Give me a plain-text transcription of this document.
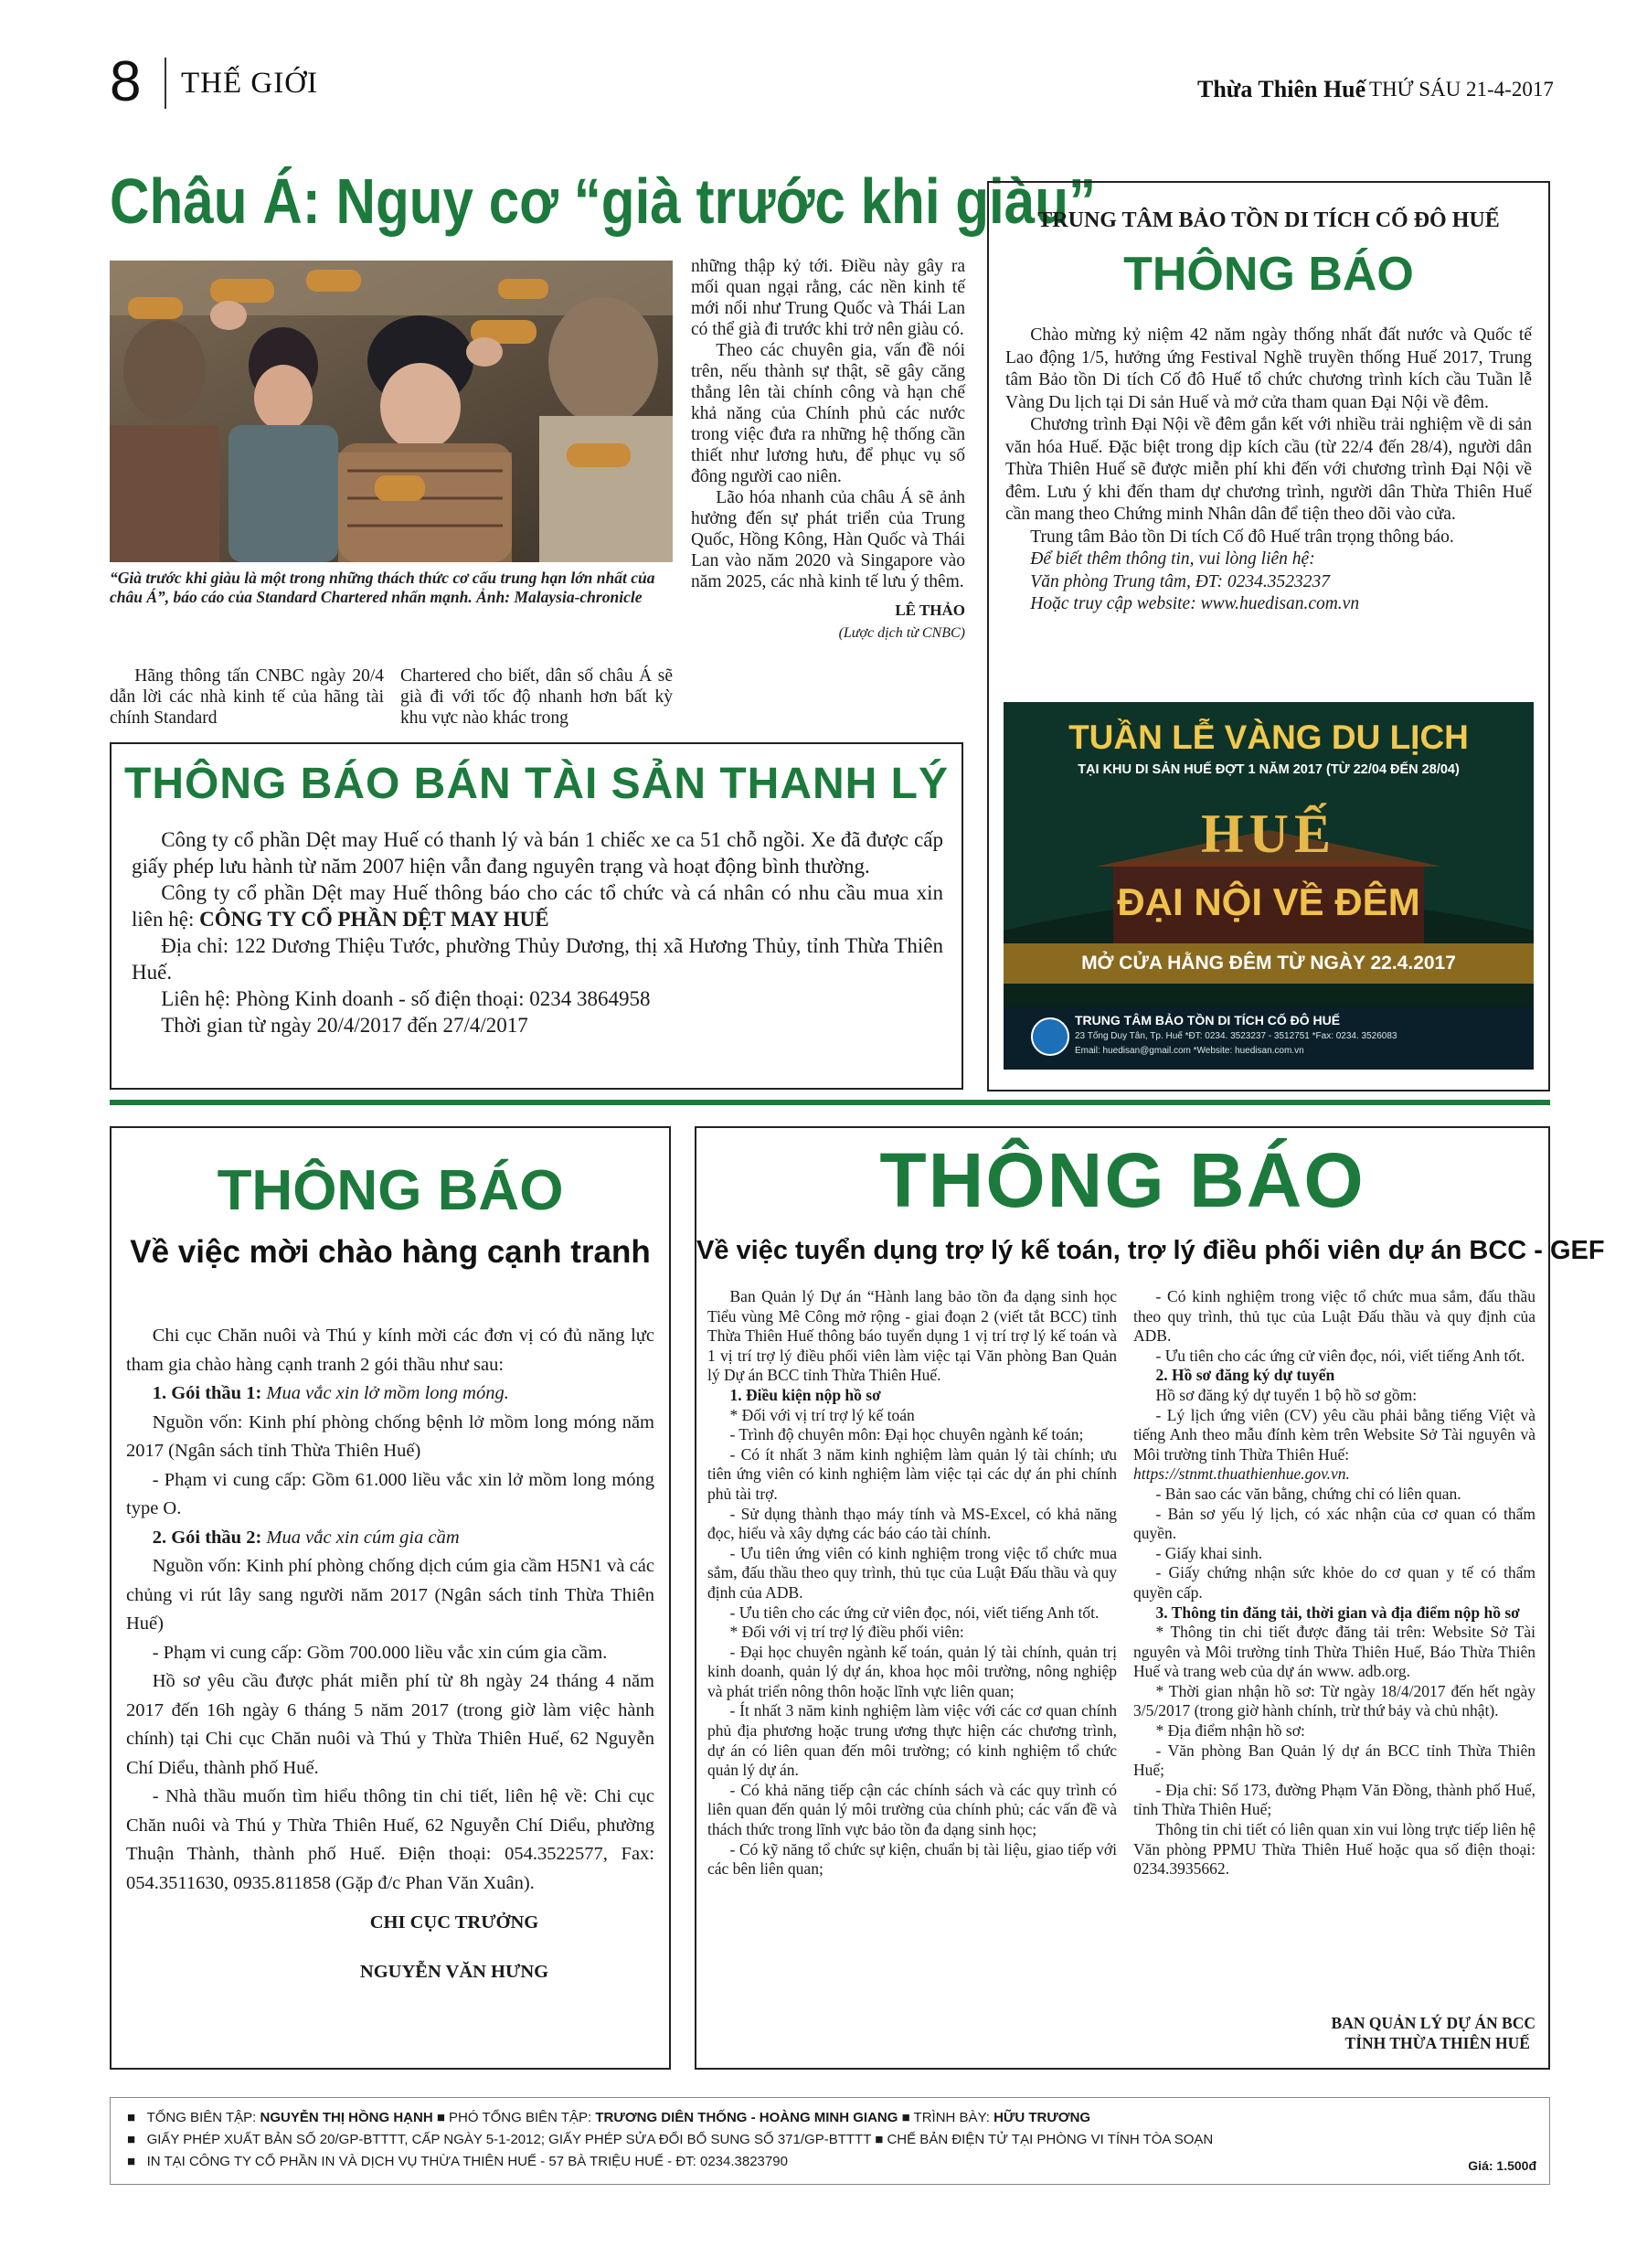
8 THẾ GIỚI	Thừa Thiên Huế THỨ SÁU 21-4-2017
Châu Á: Nguy cơ “già trước khi giàu”

“Già trước khi giàu là một trong những thách thức cơ cấu trung hạn lớn nhất của châu Á”, báo cáo của Standard Chartered nhấn mạnh. Ảnh: Malaysia-chronicle

Hãng thông tấn CNBC ngày 20/4 dẫn lời các nhà kinh tế của hãng tài chính Standard

Chartered cho biết, dân số châu Á sẽ già đi với tốc độ nhanh hơn bất kỳ khu vực nào khác trong

những thập kỷ tới. Điều này gây ra mối quan ngại rằng, các nền kinh tế mới nổi như Trung Quốc và Thái Lan có thể già đi trước khi trở nên giàu có.

Theo các chuyên gia, vấn đề nói trên, nếu thành sự thật, sẽ gây căng thẳng lên tài chính công và hạn chế khả năng của Chính phủ các nước trong việc đưa ra những hệ thống cần thiết như lương hưu, để phục vụ số đông người cao niên.

Lão hóa nhanh của châu Á sẽ ảnh hưởng đến sự phát triển của Trung Quốc, Hồng Kông, Hàn Quốc và Thái Lan vào năm 2020 và Singapore vào năm 2025, các nhà kinh tế lưu ý thêm.

LÊ THẢO

(Lược dịch từ CNBC)

TRUNG TÂM BẢO TỒN DI TÍCH CỐ ĐÔ HUẾ
THÔNG BÁO

Chào mừng kỷ niệm 42 năm ngày thống nhất đất nước và Quốc tế Lao động 1/5, hưởng ứng Festival Nghề truyền thống Huế 2017, Trung tâm Bảo tồn Di tích Cố đô Huế tổ chức chương trình kích cầu Tuần lễ Vàng Du lịch tại Di sản Huế và mở cửa tham quan Đại Nội về đêm.

Chương trình Đại Nội về đêm gắn kết với nhiều trải nghiệm về di sản văn hóa Huế. Đặc biệt trong dịp kích cầu (từ 22/4 đến 28/4), người dân Thừa Thiên Huế sẽ được miễn phí khi đến với chương trình Đại Nội về đêm. Lưu ý khi đến tham dự chương trình, người dân Thừa Thiên Huế cần mang theo Chứng minh Nhân dân để tiện theo dõi vào cửa.

Trung tâm Bảo tồn Di tích Cố đô Huế trân trọng thông báo.

Để biết thêm thông tin, vui lòng liên hệ:

Văn phòng Trung tâm, ĐT: 0234.3523237

Hoặc truy cập website: www.huedisan.com.vn

TUẦN LỄ VÀNG DU LỊCH
TẠI KHU DI SẢN HUẾ ĐỢT 1 NĂM 2017 (TỪ 22/04 ĐẾN 28/04)
HUẾ
ĐẠI NỘI VỀ ĐÊM
MỞ CỬA HẰNG ĐÊM TỪ NGÀY 22.4.2017
TRUNG TÂM BẢO TỒN DI TÍCH CỐ ĐÔ HUẾ
23 Tống Duy Tân, Tp. Huế *ĐT: 0234. 3523237 - 3512751 *Fax: 0234. 3526083
Email: huedisan@gmail.com *Website: huedisan.com.vn
THÔNG BÁO BÁN TÀI SẢN THANH LÝ

Công ty cổ phần Dệt may Huế có thanh lý và bán 1 chiếc xe ca 51 chỗ ngồi. Xe đã được cấp giấy phép lưu hành từ năm 2007 hiện vẫn đang nguyên trạng và hoạt động bình thường.

Công ty cổ phần Dệt may Huế thông báo cho các tổ chức và cá nhân có nhu cầu mua xin liên hệ: CÔNG TY CỔ PHẦN DỆT MAY HUẾ

Địa chỉ: 122 Dương Thiệu Tước, phường Thủy Dương, thị xã Hương Thủy, tỉnh Thừa Thiên Huế.

Liên hệ: Phòng Kinh doanh - số điện thoại: 0234 3864958

Thời gian từ ngày 20/4/2017 đến 27/4/2017

THÔNG BÁO
Về việc mời chào hàng cạnh tranh

Chi cục Chăn nuôi và Thú y kính mời các đơn vị có đủ năng lực tham gia chào hàng cạnh tranh 2 gói thầu như sau:

1. Gói thầu 1: Mua vắc xin lở mồm long móng.

Nguồn vốn: Kinh phí phòng chống bệnh lở mồm long móng năm 2017 (Ngân sách tỉnh Thừa Thiên Huế)

- Phạm vi cung cấp: Gồm 61.000 liều vắc xin lở mồm long móng type O.

2. Gói thầu 2: Mua vắc xin cúm gia cầm

Nguồn vốn: Kinh phí phòng chống dịch cúm gia cầm H5N1 và các chủng vi rút lây sang người năm 2017 (Ngân sách tỉnh Thừa Thiên Huế)

- Phạm vi cung cấp: Gồm 700.000 liều vắc xin cúm gia cầm.

Hồ sơ yêu cầu được phát miễn phí từ 8h ngày 24 tháng 4 năm 2017 đến 16h ngày 6 tháng 5 năm 2017 (trong giờ làm việc hành chính) tại Chi cục Chăn nuôi và Thú y Thừa Thiên Huế, 62 Nguyễn Chí Diểu, thành phố Huế.

- Nhà thầu muốn tìm hiểu thông tin chi tiết, liên hệ về: Chi cục Chăn nuôi và Thú y Thừa Thiên Huế, 62 Nguyễn Chí Diểu, phường Thuận Thành, thành phố Huế. Điện thoại: 054.3522577, Fax: 054.3511630, 0935.811858 (Gặp đ/c Phan Văn Xuân).

CHI CỤC TRƯỞNG

NGUYỄN VĂN HƯNG

THÔNG BÁO
Về việc tuyển dụng trợ lý kế toán, trợ lý điều phối viên dự án BCC - GEF

Ban Quản lý Dự án “Hành lang bảo tồn đa dạng sinh học Tiểu vùng Mê Công mở rộng - giai đoạn 2 (viết tắt BCC) tỉnh Thừa Thiên Huế thông báo tuyển dụng 1 vị trí trợ lý kế toán và 1 vị trí trợ lý điều phối viên làm việc tại Văn phòng Ban Quản lý Dự án BCC tỉnh Thừa Thiên Huế.

1. Điều kiện nộp hồ sơ

* Đối với vị trí trợ lý kế toán

- Trình độ chuyên môn: Đại học chuyên ngành kế toán;

- Có ít nhất 3 năm kinh nghiệm làm quản lý tài chính; ưu tiên ứng viên có kinh nghiệm làm việc tại các dự án phi chính phủ tài trợ.

- Sử dụng thành thạo máy tính và MS-Excel, có khả năng đọc, hiểu và xây dựng các báo cáo tài chính.

- Ưu tiên ứng viên có kinh nghiệm trong việc tổ chức mua sắm, đấu thầu theo quy trình, thủ tục của Luật Đấu thầu và quy định của ADB.

- Ưu tiên cho các ứng cử viên đọc, nói, viết tiếng Anh tốt.

* Đối với vị trí trợ lý điều phối viên:

- Đại học chuyên ngành kế toán, quản lý tài chính, quản trị kinh doanh, quản lý dự án, khoa học môi trường, nông nghiệp và phát triển nông thôn hoặc lĩnh vực liên quan;

- Ít nhất 3 năm kinh nghiệm làm việc với các cơ quan chính phủ địa phương hoặc trung ương thực hiện các chương trình, dự án có liên quan đến môi trường; có kinh nghiệm tổ chức quản lý dự án.

- Có khả năng tiếp cận các chính sách và các quy trình có liên quan đến quản lý môi trường của chính phủ; các vấn đề và thách thức trong lĩnh vực bảo tồn đa dạng sinh học;

- Có kỹ năng tổ chức sự kiện, chuẩn bị tài liệu, giao tiếp với các bên liên quan;

- Có kinh nghiệm trong việc tổ chức mua sắm, đấu thầu theo quy trình, thủ tục của Luật Đấu thầu và quy định của ADB.

- Ưu tiên cho các ứng cử viên đọc, nói, viết tiếng Anh tốt.

2. Hồ sơ đăng ký dự tuyển

Hồ sơ đăng ký dự tuyển 1 bộ hồ sơ gồm:

- Lý lịch ứng viên (CV) yêu cầu phải bằng tiếng Việt và tiếng Anh theo mẫu đính kèm trên Website Sở Tài nguyên và Môi trường tỉnh Thừa Thiên Huế:

https://stnmt.thuathienhue.gov.vn.

- Bản sao các văn bằng, chứng chỉ có liên quan.

- Bản sơ yếu lý lịch, có xác nhận của cơ quan có thẩm quyền.

- Giấy khai sinh.

- Giấy chứng nhận sức khỏe do cơ quan y tế có thẩm quyền cấp.

3. Thông tin đăng tải, thời gian và địa điểm nộp hồ sơ

* Thông tin chi tiết được đăng tải trên: Website Sở Tài nguyên và Môi trường tỉnh Thừa Thiên Huế, Báo Thừa Thiên Huế và trang web của dự án www. adb.org.

* Thời gian nhận hồ sơ: Từ ngày 18/4/2017 đến hết ngày 3/5/2017 (trong giờ hành chính, trừ thứ bảy và chủ nhật).

* Địa điểm nhận hồ sơ:

- Văn phòng Ban Quản lý dự án BCC tỉnh Thừa Thiên Huế;

- Địa chỉ: Số 173, đường Phạm Văn Đồng, thành phố Huế, tỉnh Thừa Thiên Huế;

Thông tin chi tiết có liên quan xin vui lòng trực tiếp liên hệ Văn phòng PPMU Thừa Thiên Huế hoặc qua số điện thoại: 0234.3935662.

BAN QUẢN LÝ DỰ ÁN BCC
TỈNH THỪA THIÊN HUẾ
■   TỔNG BIÊN TẬP: NGUYỄN THỊ HỒNG HẠNH ■ PHÓ TỔNG BIÊN TẬP: TRƯƠNG DIÊN THỐNG - HOÀNG MINH GIANG ■ TRÌNH BÀY: HỮU TRƯƠNG
■   GIẤY PHÉP XUẤT BẢN SỐ 20/GP-BTTTT, CẤP NGÀY 5-1-2012; GIẤY PHÉP SỬA ĐỔI BỔ SUNG SỐ 371/GP-BTTTT ■ CHẾ BẢN ĐIỆN TỬ TẠI PHÒNG VI TÍNH TÒA SOẠN
■   IN TẠI CÔNG TY CỔ PHẦN IN VÀ DỊCH VỤ THỪA THIÊN HUẾ - 57 BÀ TRIỆU HUẾ - ĐT: 0234.3823790	Giá: 1.500đ
